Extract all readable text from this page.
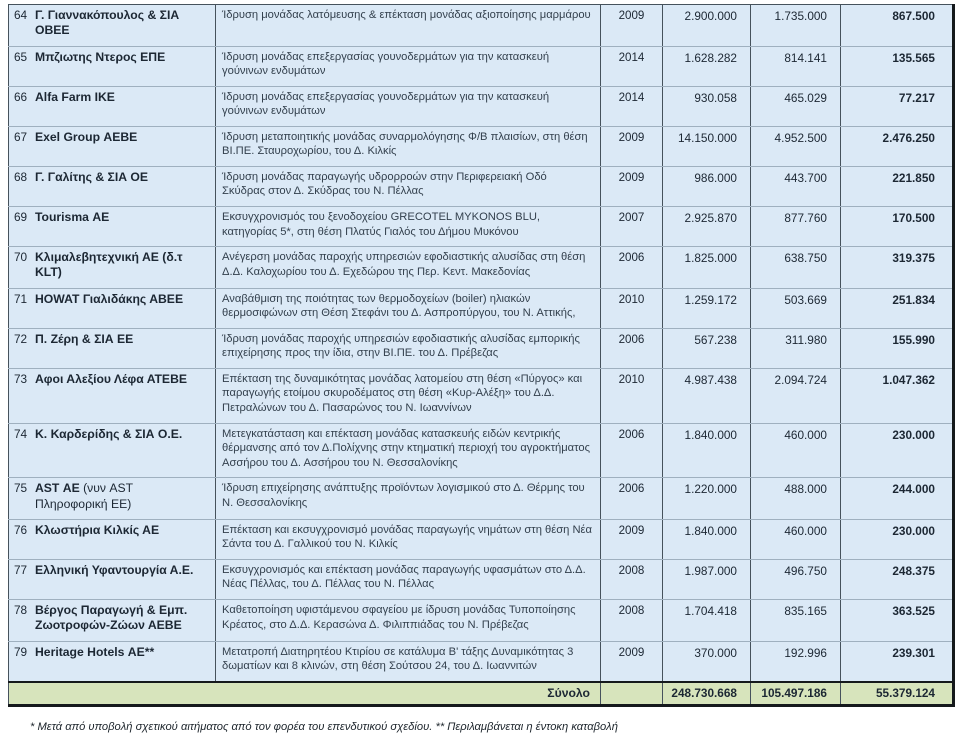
64 Γ. Γιαννακόπουλος & ΣΙΑ ΟΒΕΕ	Ίδρυση μονάδας λατόμευσης & επέκταση μονάδας αξιοποίησης μαρμάρου	2009	2.900.000	1.735.000	867.500
65 Μπζιωτης Ντερος ΕΠΕ	Ίδρυση μονάδας επεξεργασίας γουνοδερμάτων για την κατασκευή γούνινων ενδυμάτων	2014	1.628.282	814.141	135.565
66 Alfa Farm ΙΚΕ	Ίδρυση μονάδας επεξεργασίας γουνοδερμάτων για την κατασκευή γούνινων ενδυμάτων	2014	930.058	465.029	77.217
67 Exel Group ΑΕΒΕ	Ίδρυση μεταποιητικής μονάδας συναρμολόγησης Φ/Β πλαισίων, στη θέση ΒΙ.ΠΕ. Σταυροχωρίου, του Δ. Κιλκίς	2009	14.150.000	4.952.500	2.476.250
68 Γ. Γαλίτης & ΣΙΑ ΟΕ	Ίδρυση μονάδας παραγωγής υδρορροών στην Περιφερειακή Οδό Σκύδρας στον Δ. Σκύδρας του Ν. Πέλλας	2009	986.000	443.700	221.850
69 Tourisma ΑΕ	Εκσυγχρονισμός του ξενοδοχείου GRECOTEL MYKONOS BLU, κατηγορίας 5*, στη θέση Πλατύς Γιαλός του Δήμου Μυκόνου	2007	2.925.870	877.760	170.500
70 Κλιμαλεβητεχνική ΑΕ (δ.τ KLT)	Ανέγερση μονάδας παροχής υπηρεσιών εφοδιαστικής αλυσίδας στη θέση Δ.Δ. Καλοχωρίου του Δ. Εχεδώρου της Περ. Κεντ. Μακεδονίας	2006	1.825.000	638.750	319.375
71 HOWAT Γιαλιδάκης ΑΒΕΕ	Αναβάθμιση της ποιότητας των θερμοδοχείων (boiler) ηλιακών θερμοσιφώνων στη Θέση Στεφάνι του Δ. Ασπροπύργου, του Ν. Αττικής,	2010	1.259.172	503.669	251.834
72 Π. Ζέρη & ΣΙΑ ΕΕ	Ίδρυση μονάδας παροχής υπηρεσιών εφοδιαστικής αλυσίδας εμπορικής επιχείρησης προς την ίδια, στην ΒΙ.ΠΕ. του Δ. Πρέβεζας	2006	567.238	311.980	155.990
73 Αφοι Αλεξίου Λέφα ΑΤΕΒΕ	Επέκταση της δυναμικότητας μονάδας λατομείου στη θέση «Πύργος» και παραγωγής ετοίμου σκυροδέματος στη θέση «Κυρ-Αλέξη» του Δ.Δ. Πετραλώνων του Δ. Πασαρώνος του Ν. Ιωαννίνων	2010	4.987.438	2.094.724	1.047.362
74 Κ. Καρδερίδης & ΣΙΑ Ο.Ε.	Μετεγκατάσταση και επέκταση μονάδας κατασκευής ειδών κεντρικής θέρμανσης από τον Δ.Πολίχνης στην κτηματική περιοχή του αγροκτήματος Ασσήρου του Δ. Ασσήρου του Ν. Θεσσαλονίκης	2006	1.840.000	460.000	230.000
75 AST ΑΕ (νυν AST Πληροφορική ΕΕ)	Ίδρυση επιχείρησης ανάπτυξης προϊόντων λογισμικού στο Δ. Θέρμης του Ν. Θεσσαλονίκης	2006	1.220.000	488.000	244.000
76 Κλωστήρια Κιλκίς ΑΕ	Επέκταση και εκσυγχρονισμό μονάδας παραγωγής νημάτων στη θέση Νέα Σάντα του Δ. Γαλλικού του Ν. Κιλκίς	2009	1.840.000	460.000	230.000
77 Ελληνική Υφαντουργία Α.Ε.	Εκσυγχρονισμός και επέκταση μονάδας παραγωγής υφασμάτων στο Δ.Δ. Νέας Πέλλας, του Δ. Πέλλας του Ν. Πέλλας	2008	1.987.000	496.750	248.375
78 Βέργος Παραγωγή & Εμπ. Ζωοτροφών-Ζώων ΑΕΒΕ	Καθετοποίηση υφιστάμενου σφαγείου με ίδρυση μονάδας Τυποποίησης Κρέατος, στο Δ.Δ. Κερασώνα Δ. Φιλιππιάδας του Ν. Πρέβεζας	2008	1.704.418	835.165	363.525
79 Heritage Hotels ΑΕ**	Μετατροπή Διατηρητέου Κτιρίου σε κατάλυμα Β' τάξης Δυναμικότητας 3 δωματίων και 8 κλινών, στη θέση Σούτσου 24, του Δ. Ιωαννιτών	2009	370.000	192.996	239.301
Σύνολο			248.730.668	105.497.186	55.379.124
* Μετά από υποβολή σχετικού αιτήματος από τον φορέα του επενδυτικού σχεδίου. ** Περιλαμβάνεται η έντοκη καταβολή
